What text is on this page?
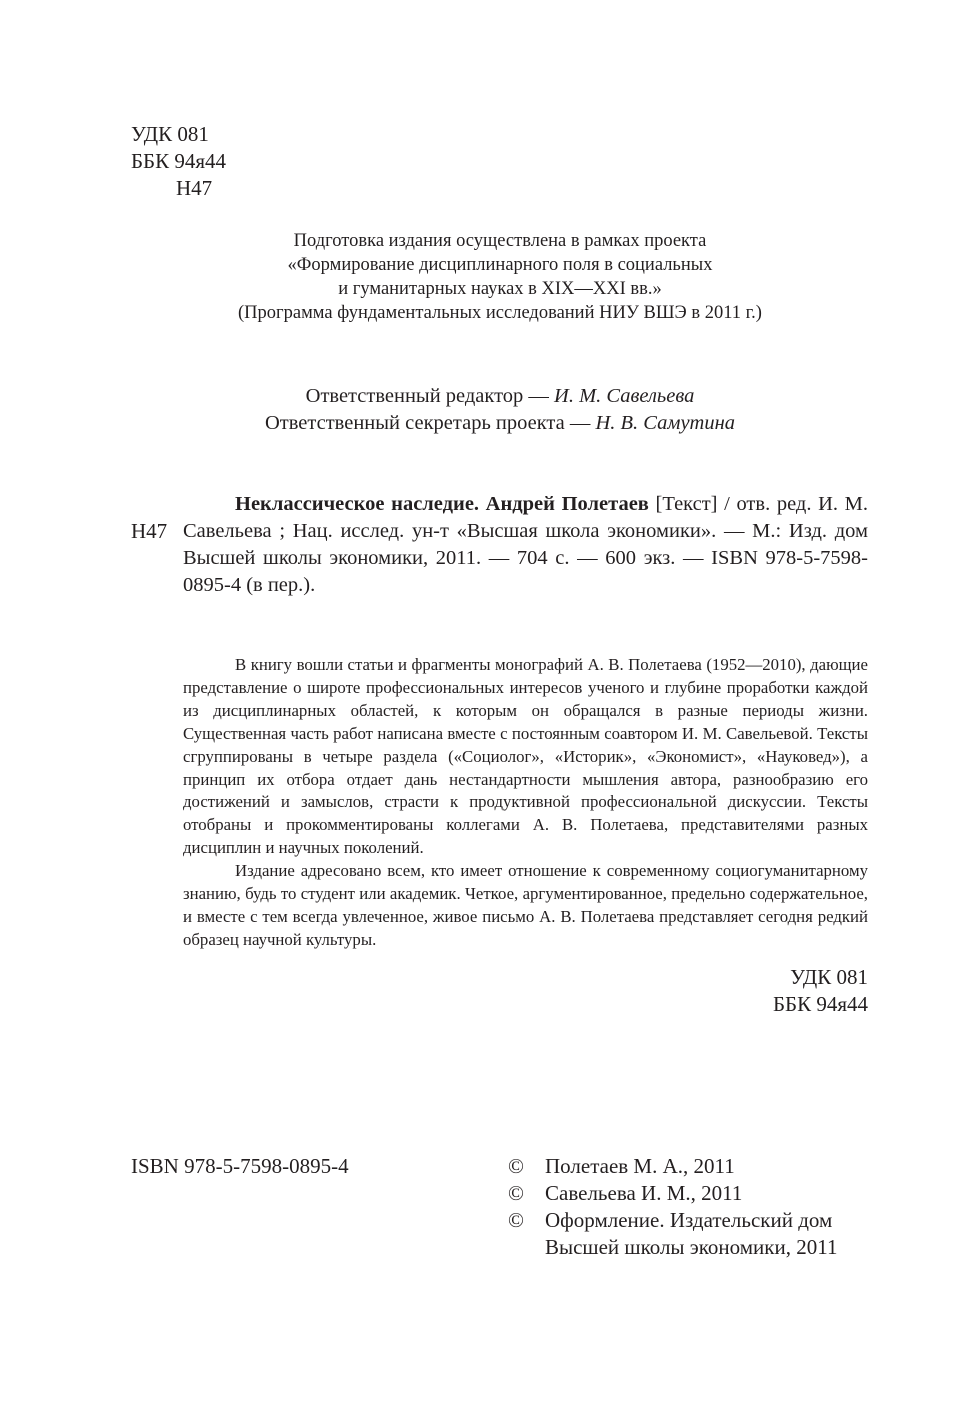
УДК 081
ББК 94я44
Н47
Подготовка издания осуществлена в рамках проекта
«Формирование дисциплинарного поля в социальных
и гуманитарных науках в XIX—XXI вв.»
(Программа фундаментальных исследований НИУ ВШЭ в 2011 г.)
Ответственный редактор — И. М. Савельева
Ответственный секретарь проекта — Н. В. Самутина
Н47

Неклассическое наследие. Андрей Полетаев [Текст] / отв. ред. И. М. Савельева ; Нац. исслед. ун-т «Высшая школа экономики». — М.: Изд. дом Высшей школы экономики, 2011. — 704 с. — 600 экз. — ISBN 978-5-7598-0895-4 (в пер.).

В книгу вошли статьи и фрагменты монографий А. В. Полетаева (1952—2010), дающие представление о широте профессиональных интересов ученого и глубине проработки каждой из дисциплинарных областей, к которым он обращался в разные периоды жизни. Существенная часть работ написана вместе с постоянным соавтором И. М. Савельевой. Тексты сгруппированы в четыре раздела («Социолог», «Историк», «Экономист», «Науковед»), а принцип их отбора отдает дань нестандартности мышления автора, разнообразию его достижений и замыслов, страсти к продуктивной профессиональной дискуссии. Тексты отобраны и прокомментированы коллегами А. В. Полетаева, представителями разных дисциплин и научных поколений.

Издание адресовано всем, кто имеет отношение к современному социогуманитарному знанию, будь то студент или академик. Четкое, аргументированное, предельно содержательное, и вместе с тем всегда увлеченное, живое письмо А. В. Полетаева представляет сегодня редкий образец научной культуры.

УДК 081
ББК 94я44
ISBN 978-5-7598-0895-4	©	Полетаев М. А., 2011
©	Савельева И. М., 2011
©	Оформление. Издательский дом
Высшей школы экономики, 2011
